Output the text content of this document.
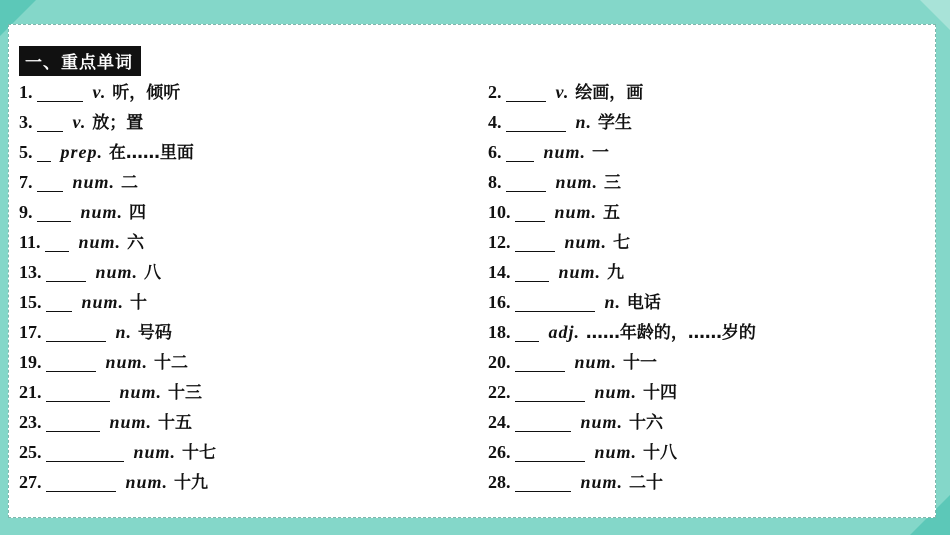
一、重点单词
1.	v. 听，倾听
3. v. 放；置
5. prep. 在……里面
7. num. 二
9.	num. 四
11. num. 六
13.	num. 八
15. num. 十
17.	n. 号码
19.	num. 十二
21.	num. 十三
23.	num. 十五
25.	num. 十七
27.	num. 十九
2.	v. 绘画，画
4.	n. 学生
6. num. 一
8.	num. 三
10. num. 五
12.	num. 七
14.	num. 九
16.	n. 电话
18. adj. ……年龄的，……岁的
20.	num. 十一
22.	num. 十四
24.	num. 十六
26.	num. 十八
28.	num. 二十
